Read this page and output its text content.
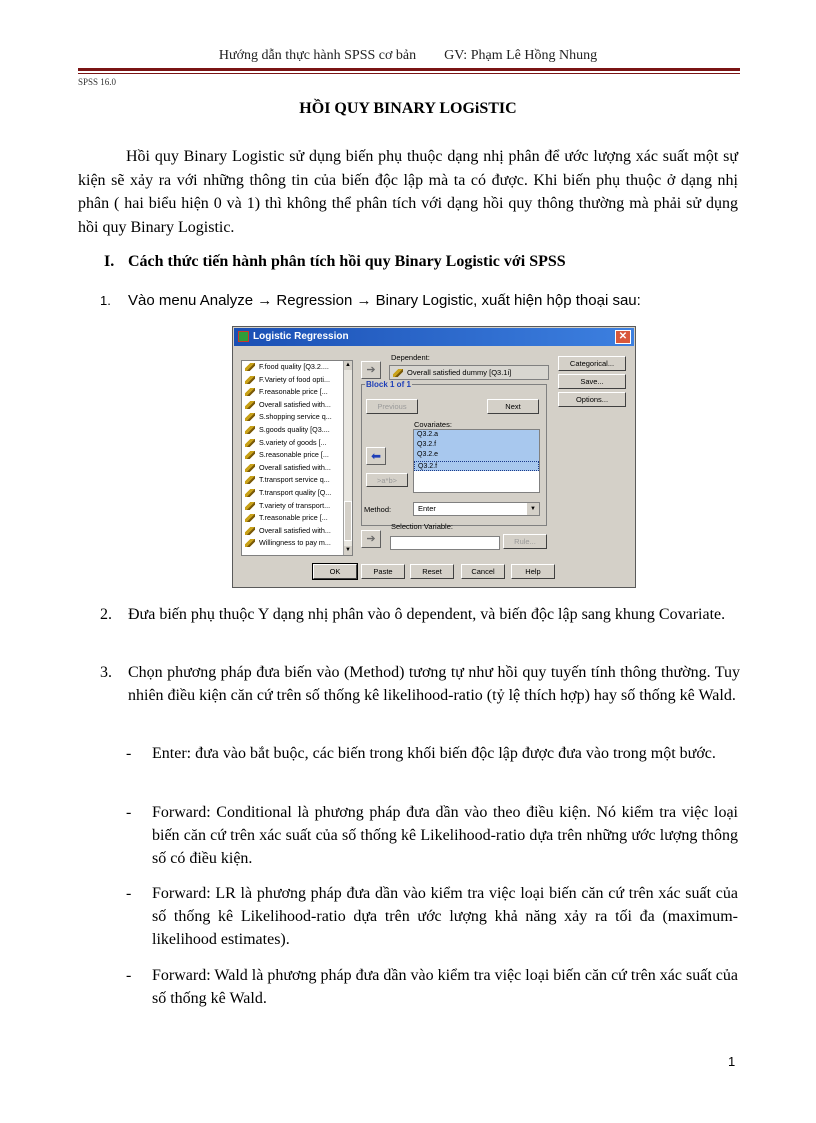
Hướng dẫn thực hành SPSS cơ bản GV: Phạm Lê Hồng Nhung
SPSS 16.0
HỒI QUY BINARY LOGiSTIC
Hồi quy Binary Logistic sử dụng biến phụ thuộc dạng nhị phân để ước lượng xác suất một sự kiện sẽ xảy ra với những thông tin của biến độc lập mà ta có được. Khi biến phụ thuộc ở dạng nhị phân ( hai biểu hiện 0 và 1) thì không thể phân tích với dạng hồi quy thông thường mà phải sử dụng hồi quy Binary Logistic.
I. Cách thức tiến hành phân tích hồi quy Binary Logistic với SPSS
1.	Vào menu Analyze → Regression → Binary Logistic, xuất hiện hộp thoại sau:
Logistic Regression	✕
F.food quality [Q3.2....
F.Variety of food opti...
F.reasonable price [...
Overall satisfied with...
S.shopping service q...
S.goods quality [Q3....
S.variety of goods [...
S.reasonable price [...
Overall satisfied with...
T.transport service q...
T.transport quality [Q...
T.variety of transport...
T.reasonable price [...
Overall satisfied with...
Willingness to pay m...
▲
▼
➔
Dependent:
Overall satisfied dummy [Q3.1i]
Block 1 of 1
Previous	Next
Covariates:
Q3.2.a
Q3.2.f
Q3.2.e
Q3.2.f
⬅
>a*b>
Method:	Enter	▼
Selection Variable:
➔	Rule...
Categorical...
Save...
Options...
OK	Paste	Reset	Cancel	Help
2.	Đưa biến phụ thuộc Y dạng nhị phân vào ô dependent, và biến độc lập sang khung Covariate.
3.	Chọn phương pháp đưa biến vào (Method) tương tự như hồi quy tuyến tính thông thường. Tuy nhiên điều kiện căn cứ trên số thống kê likelihood-ratio (tỷ lệ thích hợp) hay số thống kê Wald.
- Enter: đưa vào bắt buộc, các biến trong khối biến độc lập được đưa vào trong một bước.
- Forward: Conditional là phương pháp đưa dần vào theo điều kiện. Nó kiểm tra việc loại biến căn cứ trên xác suất của số thống kê Likelihood-ratio dựa trên những ước lượng thông số có điều kiện.
- Forward: LR là phương pháp đưa dần vào kiểm tra việc loại biến căn cứ trên xác suất của số thống kê Likelihood-ratio dựa trên ước lượng khả năng xảy ra tối đa (maximum-likelihood estimates).
- Forward: Wald là phương pháp đưa dần vào kiểm tra việc loại biến căn cứ trên xác suất của số thống kê Wald.
1
